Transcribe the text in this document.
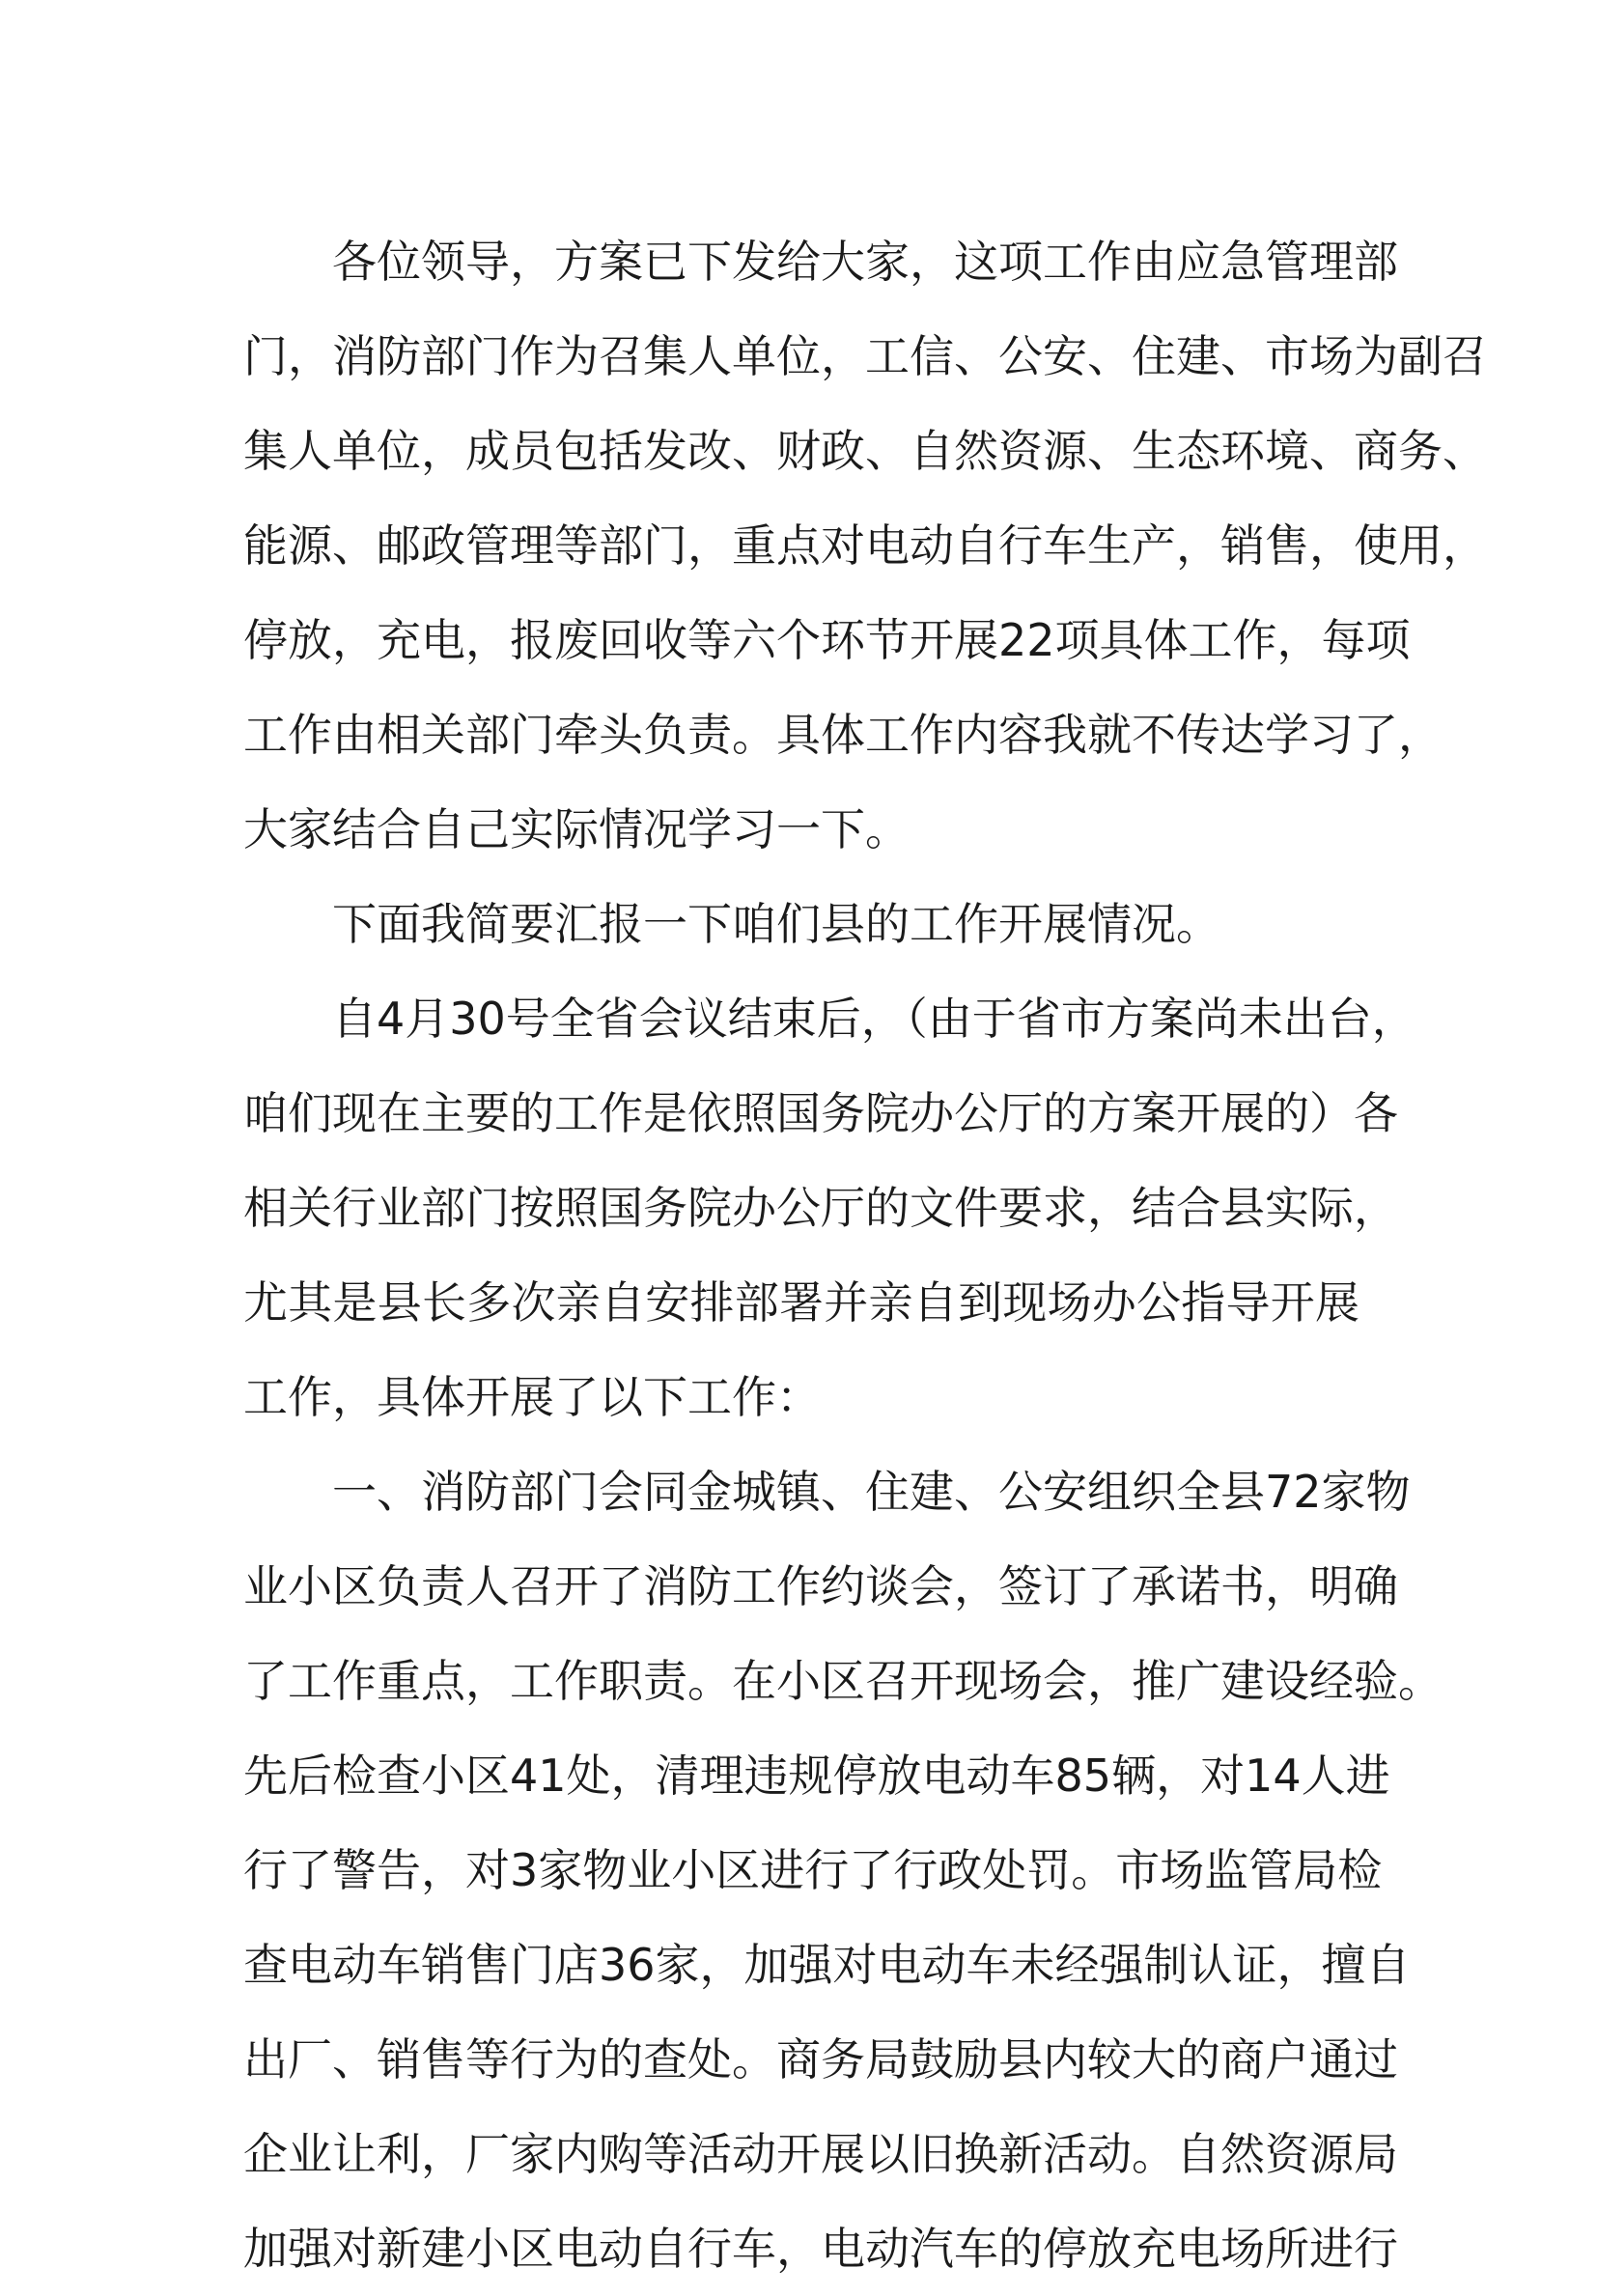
各位领导，方案已下发给大家，这项工作由应急管理部
门，消防部门作为召集人单位，工信、公安、住建、市场为副召
集人单位，成员包括发改、财政、自然资源、生态环境、商务、
能源、邮政管理等部门，重点对电动自行车生产，销售，使用，
停放，充电，报废回收等六个环节开展22项具体工作，每项
工作由相关部门牵头负责。具体工作内容我就不传达学习了，
大家结合自己实际情况学习一下。
下面我简要汇报一下咱们县的工作开展情况。
自4月30号全省会议结束后，（由于省市方案尚未出台，
咱们现在主要的工作是依照国务院办公厅的方案开展的）各
相关行业部门按照国务院办公厅的文件要求，结合县实际，
尤其是县长多次亲自安排部署并亲自到现场办公指导开展
工作，具体开展了以下工作：
一、消防部门会同金城镇、住建、公安组织全县72家物
业小区负责人召开了消防工作约谈会，签订了承诺书，明确
了工作重点，工作职责。在小区召开现场会，推广建设经验。
先后检查小区41处，清理违规停放电动车85辆，对14人进
行了警告，对3家物业小区进行了行政处罚。市场监管局检
查电动车销售门店36家，加强对电动车未经强制认证，擅自
出厂、销售等行为的查处。商务局鼓励县内较大的商户通过
企业让利，厂家内购等活动开展以旧换新活动。自然资源局
加强对新建小区电动自行车，电动汽车的停放充电场所进行
